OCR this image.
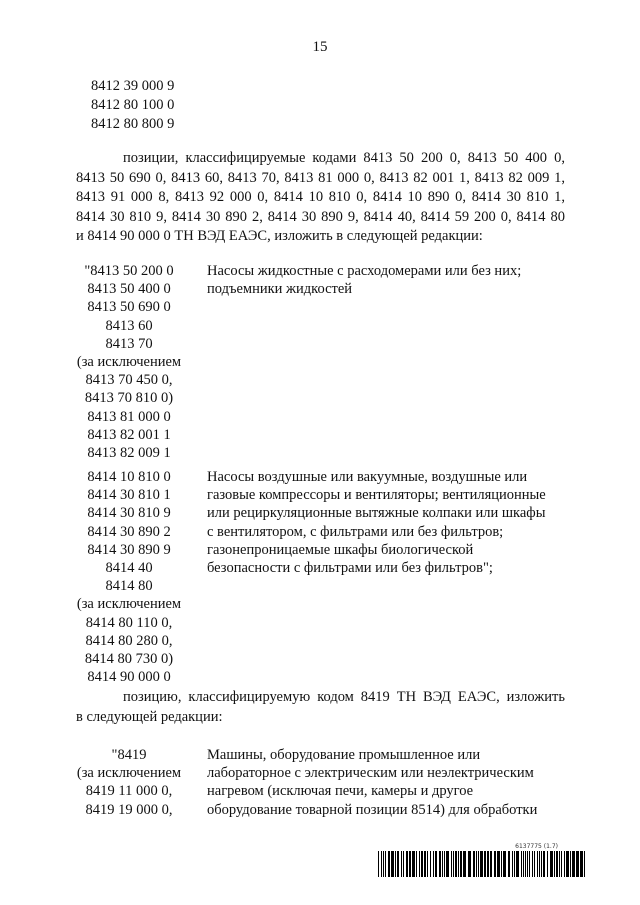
15
8412 39 000 9
8412 80 100 0
8412 80 800 9
позиции, классифицируемые кодами 8413 50 200 0, 8413 50 400 0,
8413 50 690 0, 8413 60, 8413 70, 8413 81 000 0, 8413 82 001 1, 8413 82 009 1,
8413 91 000 8, 8413 92 000 0, 8414 10 810 0, 8414 10 890 0, 8414 30 810 1,
8414 30 810 9, 8414 30 890 2, 8414 30 890 9, 8414 40, 8414 59 200 0, 8414 80
и 8414 90 000 0 ТН ВЭД ЕАЭС, изложить в следующей редакции:
"8413 50 200 0
8413 50 400 0
8413 50 690 0
8413 60
8413 70
(за исключением
8413 70 450 0,
8413 70 810 0)
8413 81 000 0
8413 82 001 1
8413 82 009 1
Насосы жидкостные с расходомерами или без них;
подъемники жидкостей
8414 10 810 0
8414 30 810 1
8414 30 810 9
8414 30 890 2
8414 30 890 9
8414 40
8414 80
(за исключением
8414 80 110 0,
8414 80 280 0,
8414 80 730 0)
8414 90 000 0
Насосы воздушные или вакуумные, воздушные или
газовые компрессоры и вентиляторы; вентиляционные
или рециркуляционные вытяжные колпаки или шкафы
с вентилятором, с фильтрами или без фильтров;
газонепроницаемые шкафы биологической
безопасности с фильтрами или без фильтров";
позицию, классифицируемую кодом 8419 ТН ВЭД ЕАЭС, изложить
в следующей редакции:
"8419
(за исключением
8419 11 000 0,
8419 19 000 0,
Машины, оборудование промышленное или
лабораторное с электрическим или неэлектрическим
нагревом (исключая печи, камеры и другое
оборудование товарной позиции 8514) для обработки
6137775 (1.7)
